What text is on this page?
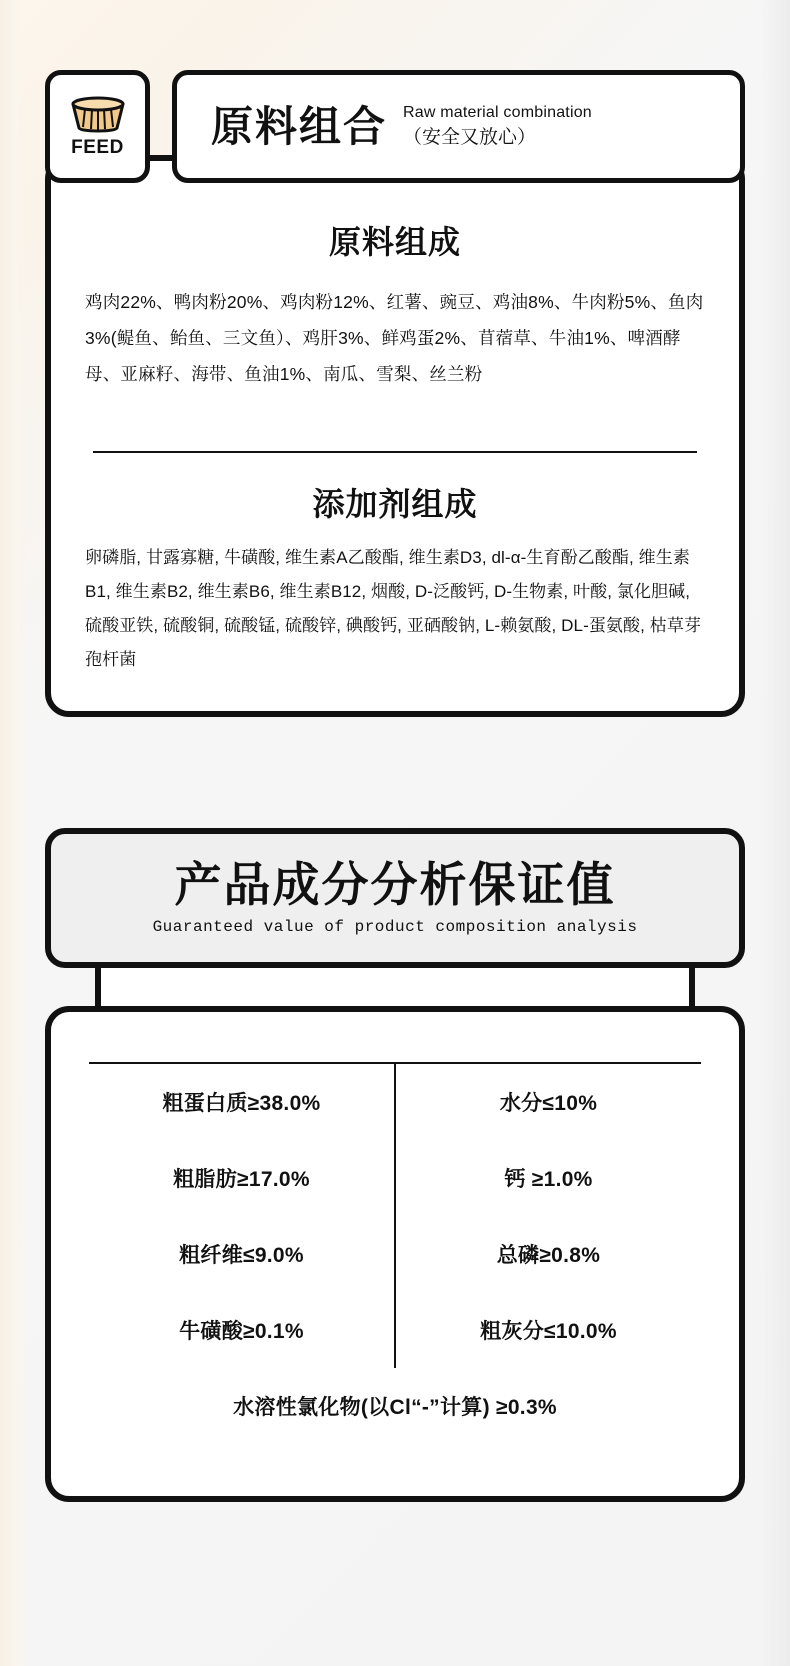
FEED 原料组合 Raw material combination
（安全又放心）
原料组成
鸡肉22%、鸭肉粉20%、鸡肉粉12%、红薯、豌豆、鸡油8%、牛肉粉5%、鱼肉3%(鳀鱼、鲐鱼、三文鱼）、鸡肝3%、鲜鸡蛋2%、苜蓿草、牛油1%、啤酒酵母、亚麻籽、海带、鱼油1%、南瓜、雪梨、丝兰粉
添加剂组成
卵磷脂, 甘露寡糖, 牛磺酸, 维生素A乙酸酯, 维生素D3, dl-α-生育酚乙酸酯, 维生素B1, 维生素B2, 维生素B6, 维生素B12, 烟酸, D-泛酸钙, D-生物素, 叶酸, 氯化胆碱, 硫酸亚铁, 硫酸铜, 硫酸锰, 硫酸锌, 碘酸钙, 亚硒酸钠, L-赖氨酸, DL-蛋氨酸, 枯草芽孢杆菌
产品成分分析保证值
Guaranteed value of product composition analysis
粗蛋白质≥38.0%	水分≤10%
粗脂肪≥17.0%	钙 ≥1.0%
粗纤维≤9.0%	总磷≥0.8%
牛磺酸≥0.1%	粗灰分≤10.0%
水溶性氯化物(以Cl“-”计算) ≥0.3%	
